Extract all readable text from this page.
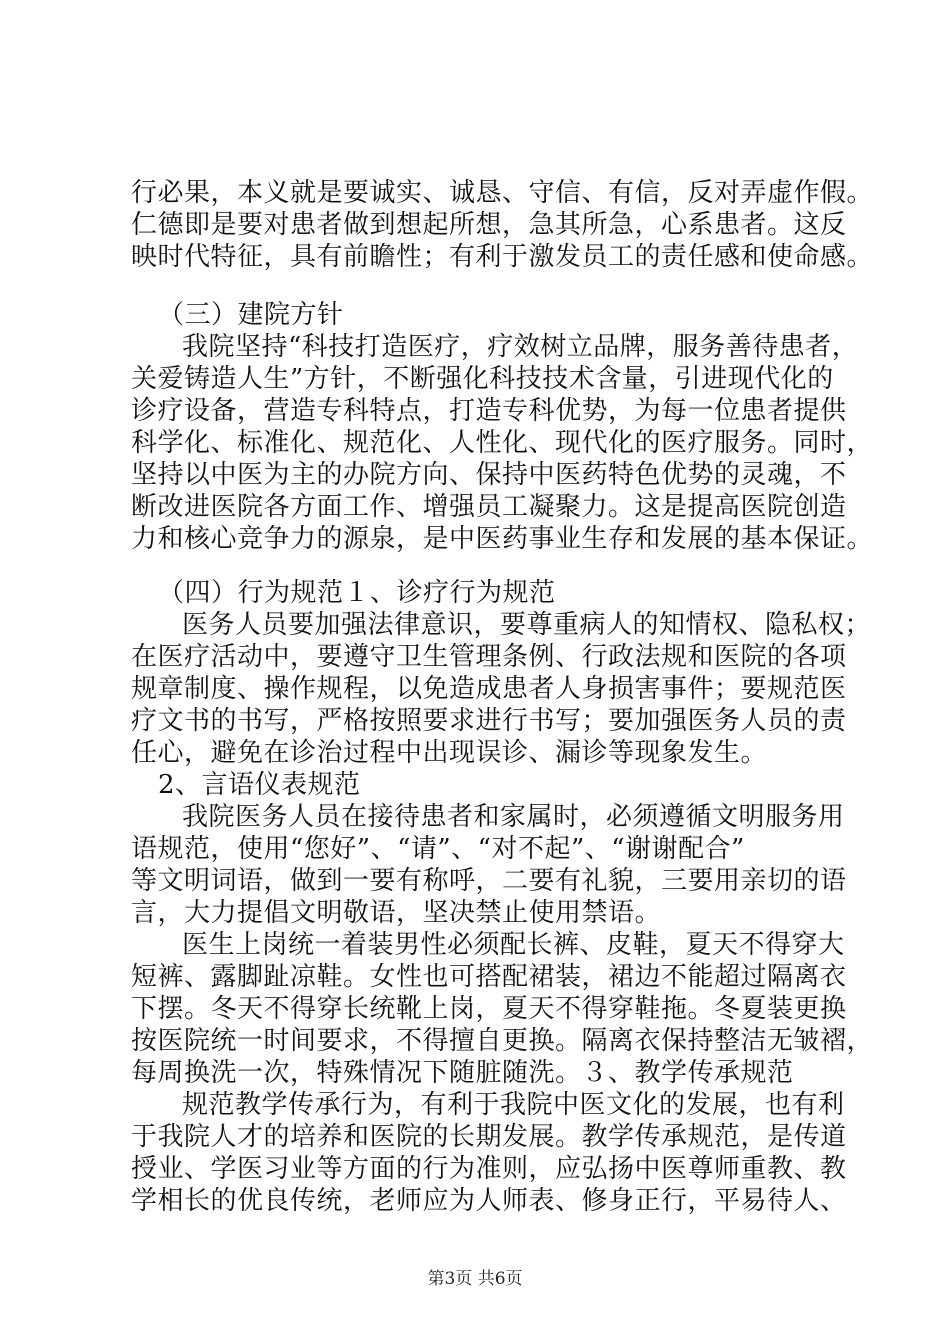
行必果，本义就是要诚实、诚恳、守信、有信，反对弄虚作假。
仁德即是要对患者做到想起所想，急其所急，心系患者。这反
映时代特征，具有前瞻性；有利于激发员工的责任感和使命感。
（三）建院方针
我院坚持“科技打造医疗，疗效树立品牌，服务善待患者，
关爱铸造人生”方针，不断强化科技技术含量，引进现代化的
诊疗设备，营造专科特点，打造专科优势，为每一位患者提供
科学化、标准化、规范化、人性化、现代化的医疗服务。同时，
坚持以中医为主的办院方向、保持中医药特色优势的灵魂，不
断改进医院各方面工作、增强员工凝聚力。这是提高医院创造
力和核心竞争力的源泉，是中医药事业生存和发展的基本保证。
（四）行为规范１、诊疗行为规范
医务人员要加强法律意识，要尊重病人的知情权、隐私权；
在医疗活动中，要遵守卫生管理条例、行政法规和医院的各项
规章制度、操作规程，以免造成患者人身损害事件；要规范医
疗文书的书写，严格按照要求进行书写；要加强医务人员的责
任心，避免在诊治过程中出现误诊、漏诊等现象发生。
2、言语仪表规范
我院医务人员在接待患者和家属时，必须遵循文明服务用
语规范，使用“您好”、“请”、“对不起”、“谢谢配合”
等文明词语，做到一要有称呼，二要有礼貌，三要用亲切的语
言，大力提倡文明敬语，坚决禁止使用禁语。
医生上岗统一着装男性必须配长裤、皮鞋，夏天不得穿大
短裤、露脚趾凉鞋。女性也可搭配裙装，裙边不能超过隔离衣
下摆。冬天不得穿长统靴上岗，夏天不得穿鞋拖。冬夏装更换
按医院统一时间要求，不得擅自更换。隔离衣保持整洁无皱褶，
每周换洗一次，特殊情况下随脏随洗。３、教学传承规范
规范教学传承行为，有利于我院中医文化的发展，也有利
于我院人才的培养和医院的长期发展。教学传承规范，是传道
授业、学医习业等方面的行为准则，应弘扬中医尊师重教、教
学相长的优良传统，老师应为人师表、修身正行，平易待人、
第3页 共6页
